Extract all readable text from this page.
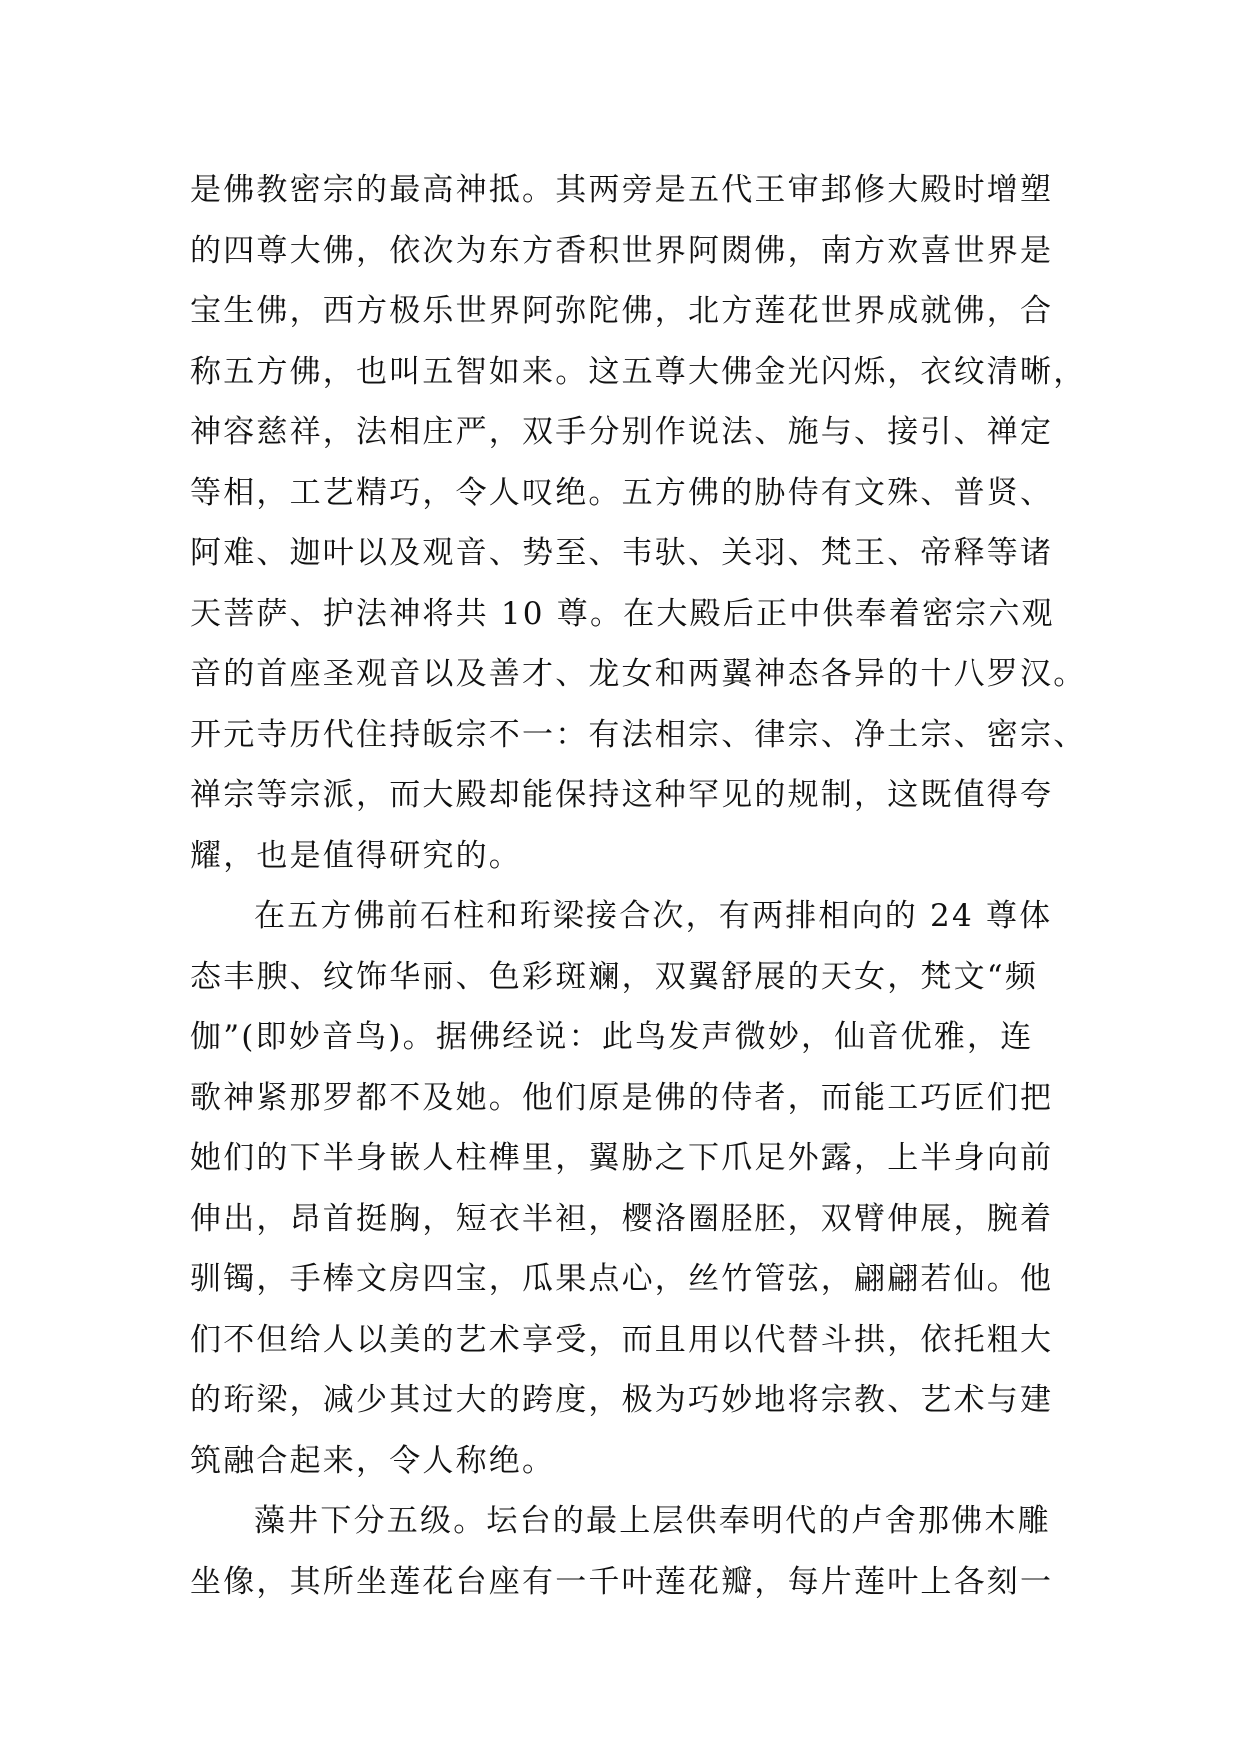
是佛教密宗的最高神抵。其两旁是五代王审邽修大殿时增塑
的四尊大佛，依次为东方香积世界阿閦佛，南方欢喜世界是
宝生佛，西方极乐世界阿弥陀佛，北方莲花世界成就佛，合
称五方佛，也叫五智如来。这五尊大佛金光闪烁，衣纹清晰，
神容慈祥，法相庄严，双手分别作说法、施与、接引、禅定
等相，工艺精巧，令人叹绝。五方佛的胁侍有文殊、普贤、
阿难、迦叶以及观音、势至、韦驮、关羽、梵王、帝释等诸
天菩萨、护法神将共 10 尊。在大殿后正中供奉着密宗六观
音的首座圣观音以及善才、龙女和两翼神态各异的十八罗汉。
开元寺历代住持皈宗不一：有法相宗、律宗、净土宗、密宗、
禅宗等宗派，而大殿却能保持这种罕见的规制，这既值得夸
耀，也是值得研究的。
在五方佛前石柱和珩梁接合次，有两排相向的 24 尊体
态丰腴、纹饰华丽、色彩斑斓，双翼舒展的天女，梵文“频
伽”(即妙音鸟)。据佛经说：此鸟发声微妙，仙音优雅，连
歌神紧那罗都不及她。他们原是佛的侍者，而能工巧匠们把
她们的下半身嵌人柱榫里，翼胁之下爪足外露，上半身向前
伸出，昂首挺胸，短衣半袒，樱洛圈胫胚，双臂伸展，腕着
驯镯，手棒文房四宝，瓜果点心，丝竹管弦，翩翩若仙。他
们不但给人以美的艺术享受，而且用以代替斗拱，依托粗大
的珩梁，减少其过大的跨度，极为巧妙地将宗教、艺术与建
筑融合起来，令人称绝。
藻井下分五级。坛台的最上层供奉明代的卢舍那佛木雕
坐像，其所坐莲花台座有一千叶莲花瓣，每片莲叶上各刻一
